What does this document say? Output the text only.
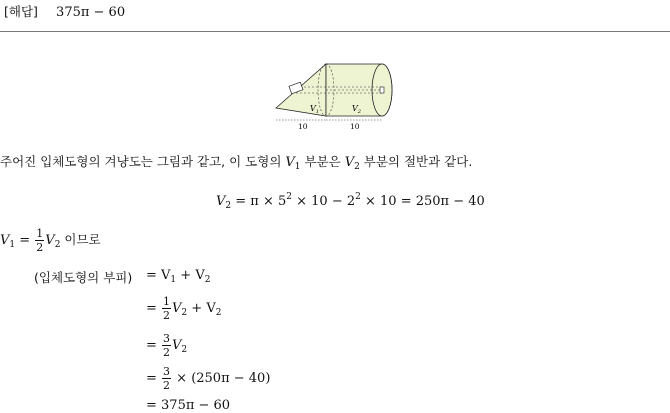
[해답] 375π − 60
$V_1$	$V_2$
10	10
주어진 입체도형의 겨냥도는 그림과 같고, 이 도형의 $V_1$ 부분은 $V_2$ 부분의 절반과 같다.
$V_2 = \pi \times 5^2 \times 10 - 2^2 \times 10 = 250\pi - 40$
$V_1 = \frac{1}{2} V_2$ 이므로
(입체도형의 부피) = $V_1 + V_2$
= $\frac{1}{2} V_2 + V_2$
= $\frac{3}{2} V_2$
= $\frac{3}{2} \times (250\pi - 40)$
= 375π − 60
